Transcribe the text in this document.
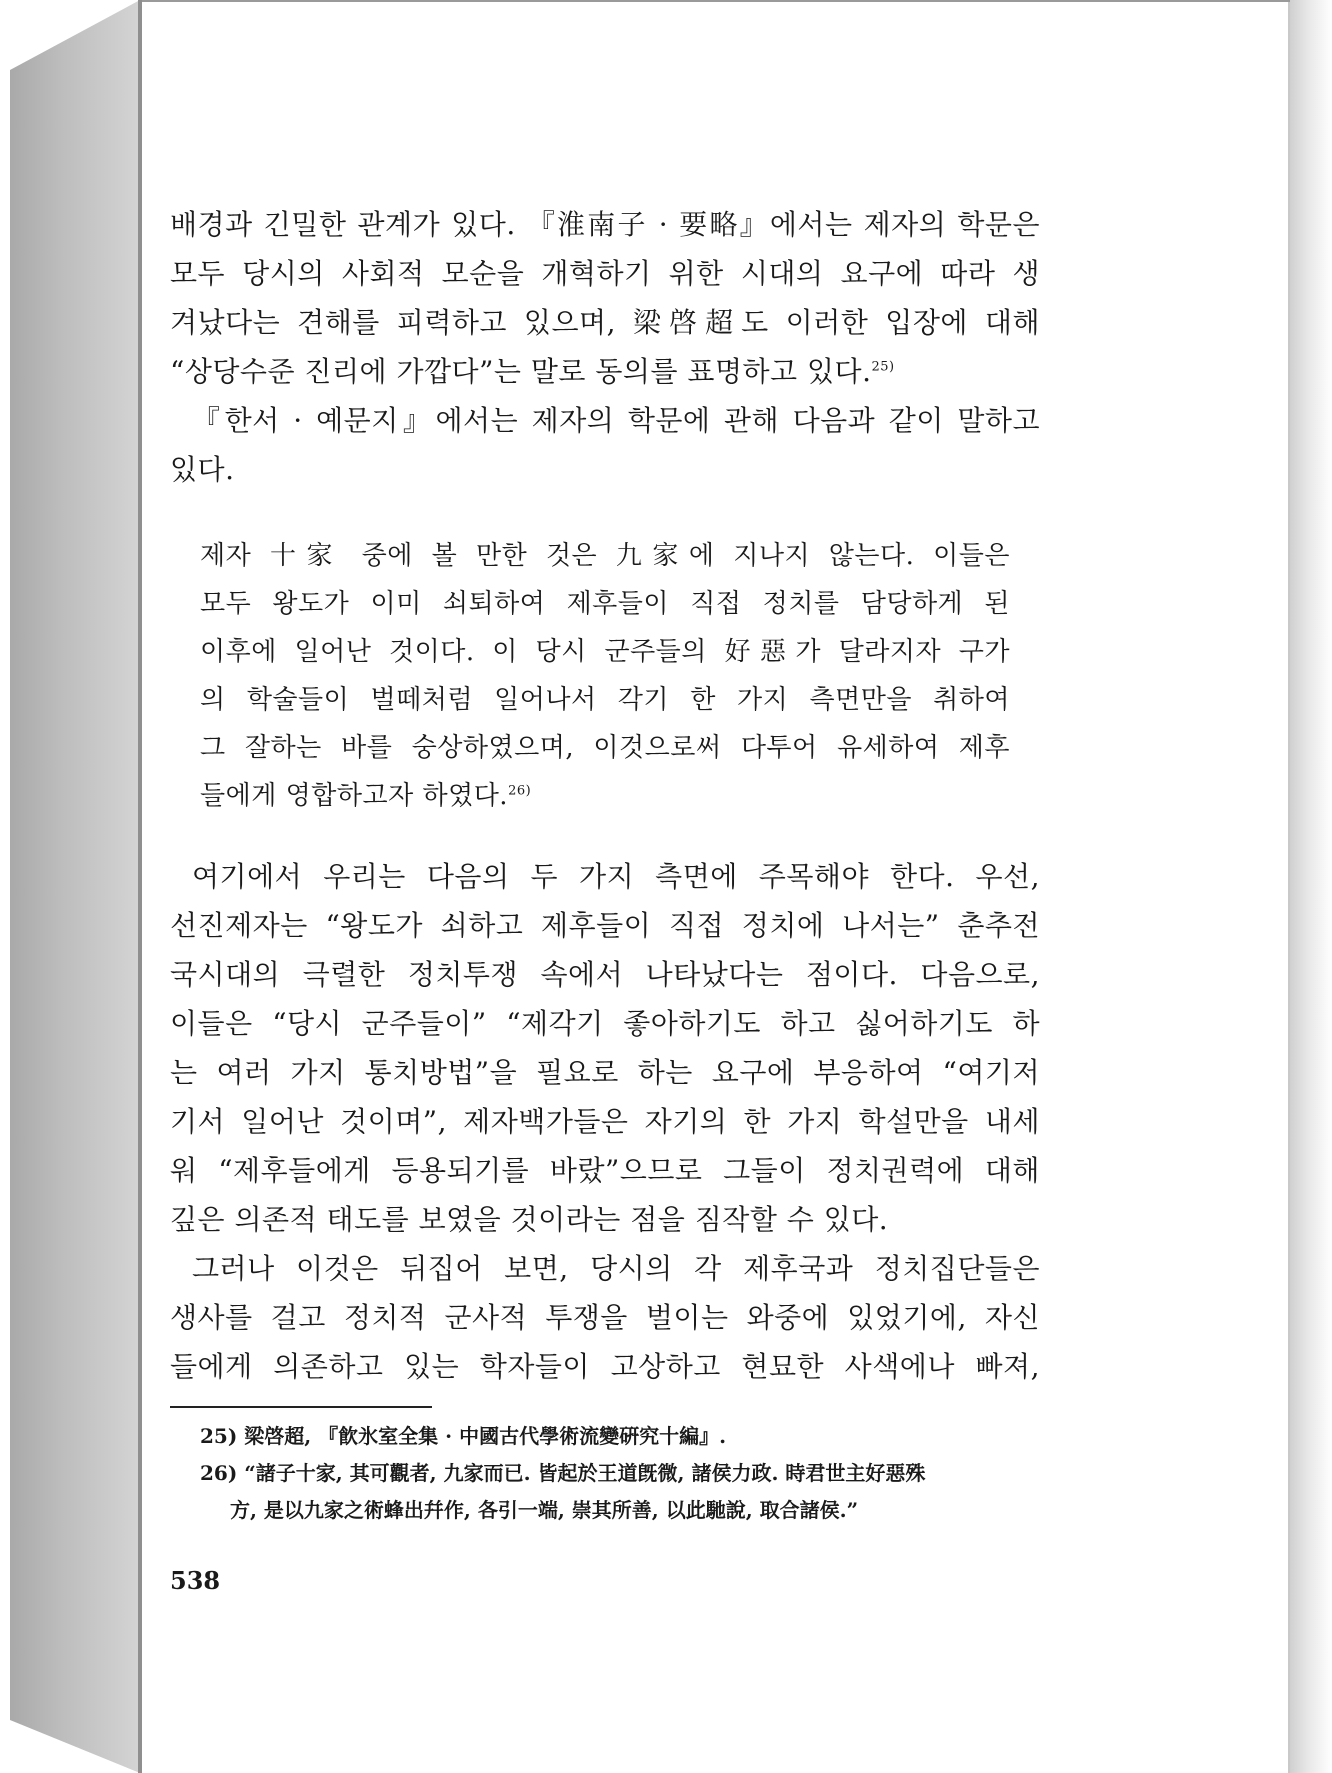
배경과 긴밀한 관계가 있다. 『淮南子 · 要略』에서는 제자의 학문은
모두 당시의 사회적 모순을 개혁하기 위한 시대의 요구에 따라 생
겨났다는 견해를 피력하고 있으며, 梁啓超도 이러한 입장에 대해
“상당수준 진리에 가깝다”는 말로 동의를 표명하고 있다.$^{25)}$
『한서 · 예문지』에서는 제자의 학문에 관해 다음과 같이 말하고
있다.
제자 十家 중에 볼 만한 것은 九家에 지나지 않는다. 이들은
모두 왕도가 이미 쇠퇴하여 제후들이 직접 정치를 담당하게 된
이후에 일어난 것이다. 이 당시 군주들의 好惡가 달라지자 구가
의 학술들이 벌떼처럼 일어나서 각기 한 가지 측면만을 취하여
그 잘하는 바를 숭상하였으며, 이것으로써 다투어 유세하여 제후
들에게 영합하고자 하였다.$^{26)}$
여기에서 우리는 다음의 두 가지 측면에 주목해야 한다. 우선,
선진제자는 “왕도가 쇠하고 제후들이 직접 정치에 나서는” 춘추전
국시대의 극렬한 정치투쟁 속에서 나타났다는 점이다. 다음으로,
이들은 “당시 군주들이” “제각기 좋아하기도 하고 싫어하기도 하
는 여러 가지 통치방법”을 필요로 하는 요구에 부응하여 “여기저
기서 일어난 것이며”, 제자백가들은 자기의 한 가지 학설만을 내세
워 “제후들에게 등용되기를 바랐”으므로 그들이 정치권력에 대해
깊은 의존적 태도를 보였을 것이라는 점을 짐작할 수 있다.
그러나 이것은 뒤집어 보면, 당시의 각 제후국과 정치집단들은
생사를 걸고 정치적 군사적 투쟁을 벌이는 와중에 있었기에, 자신
들에게 의존하고 있는 학자들이 고상하고 현묘한 사색에나 빠져,
25) 梁啓超, 『飮氷室全集 · 中國古代學術流變硏究十編』.
26) “諸子十家, 其可觀者, 九家而已. 皆起於王道旣微, 諸侯力政. 時君世主好惡殊
方, 是以九家之術蜂出幷作, 各引一端, 崇其所善, 以此馳說, 取合諸侯.”
538
